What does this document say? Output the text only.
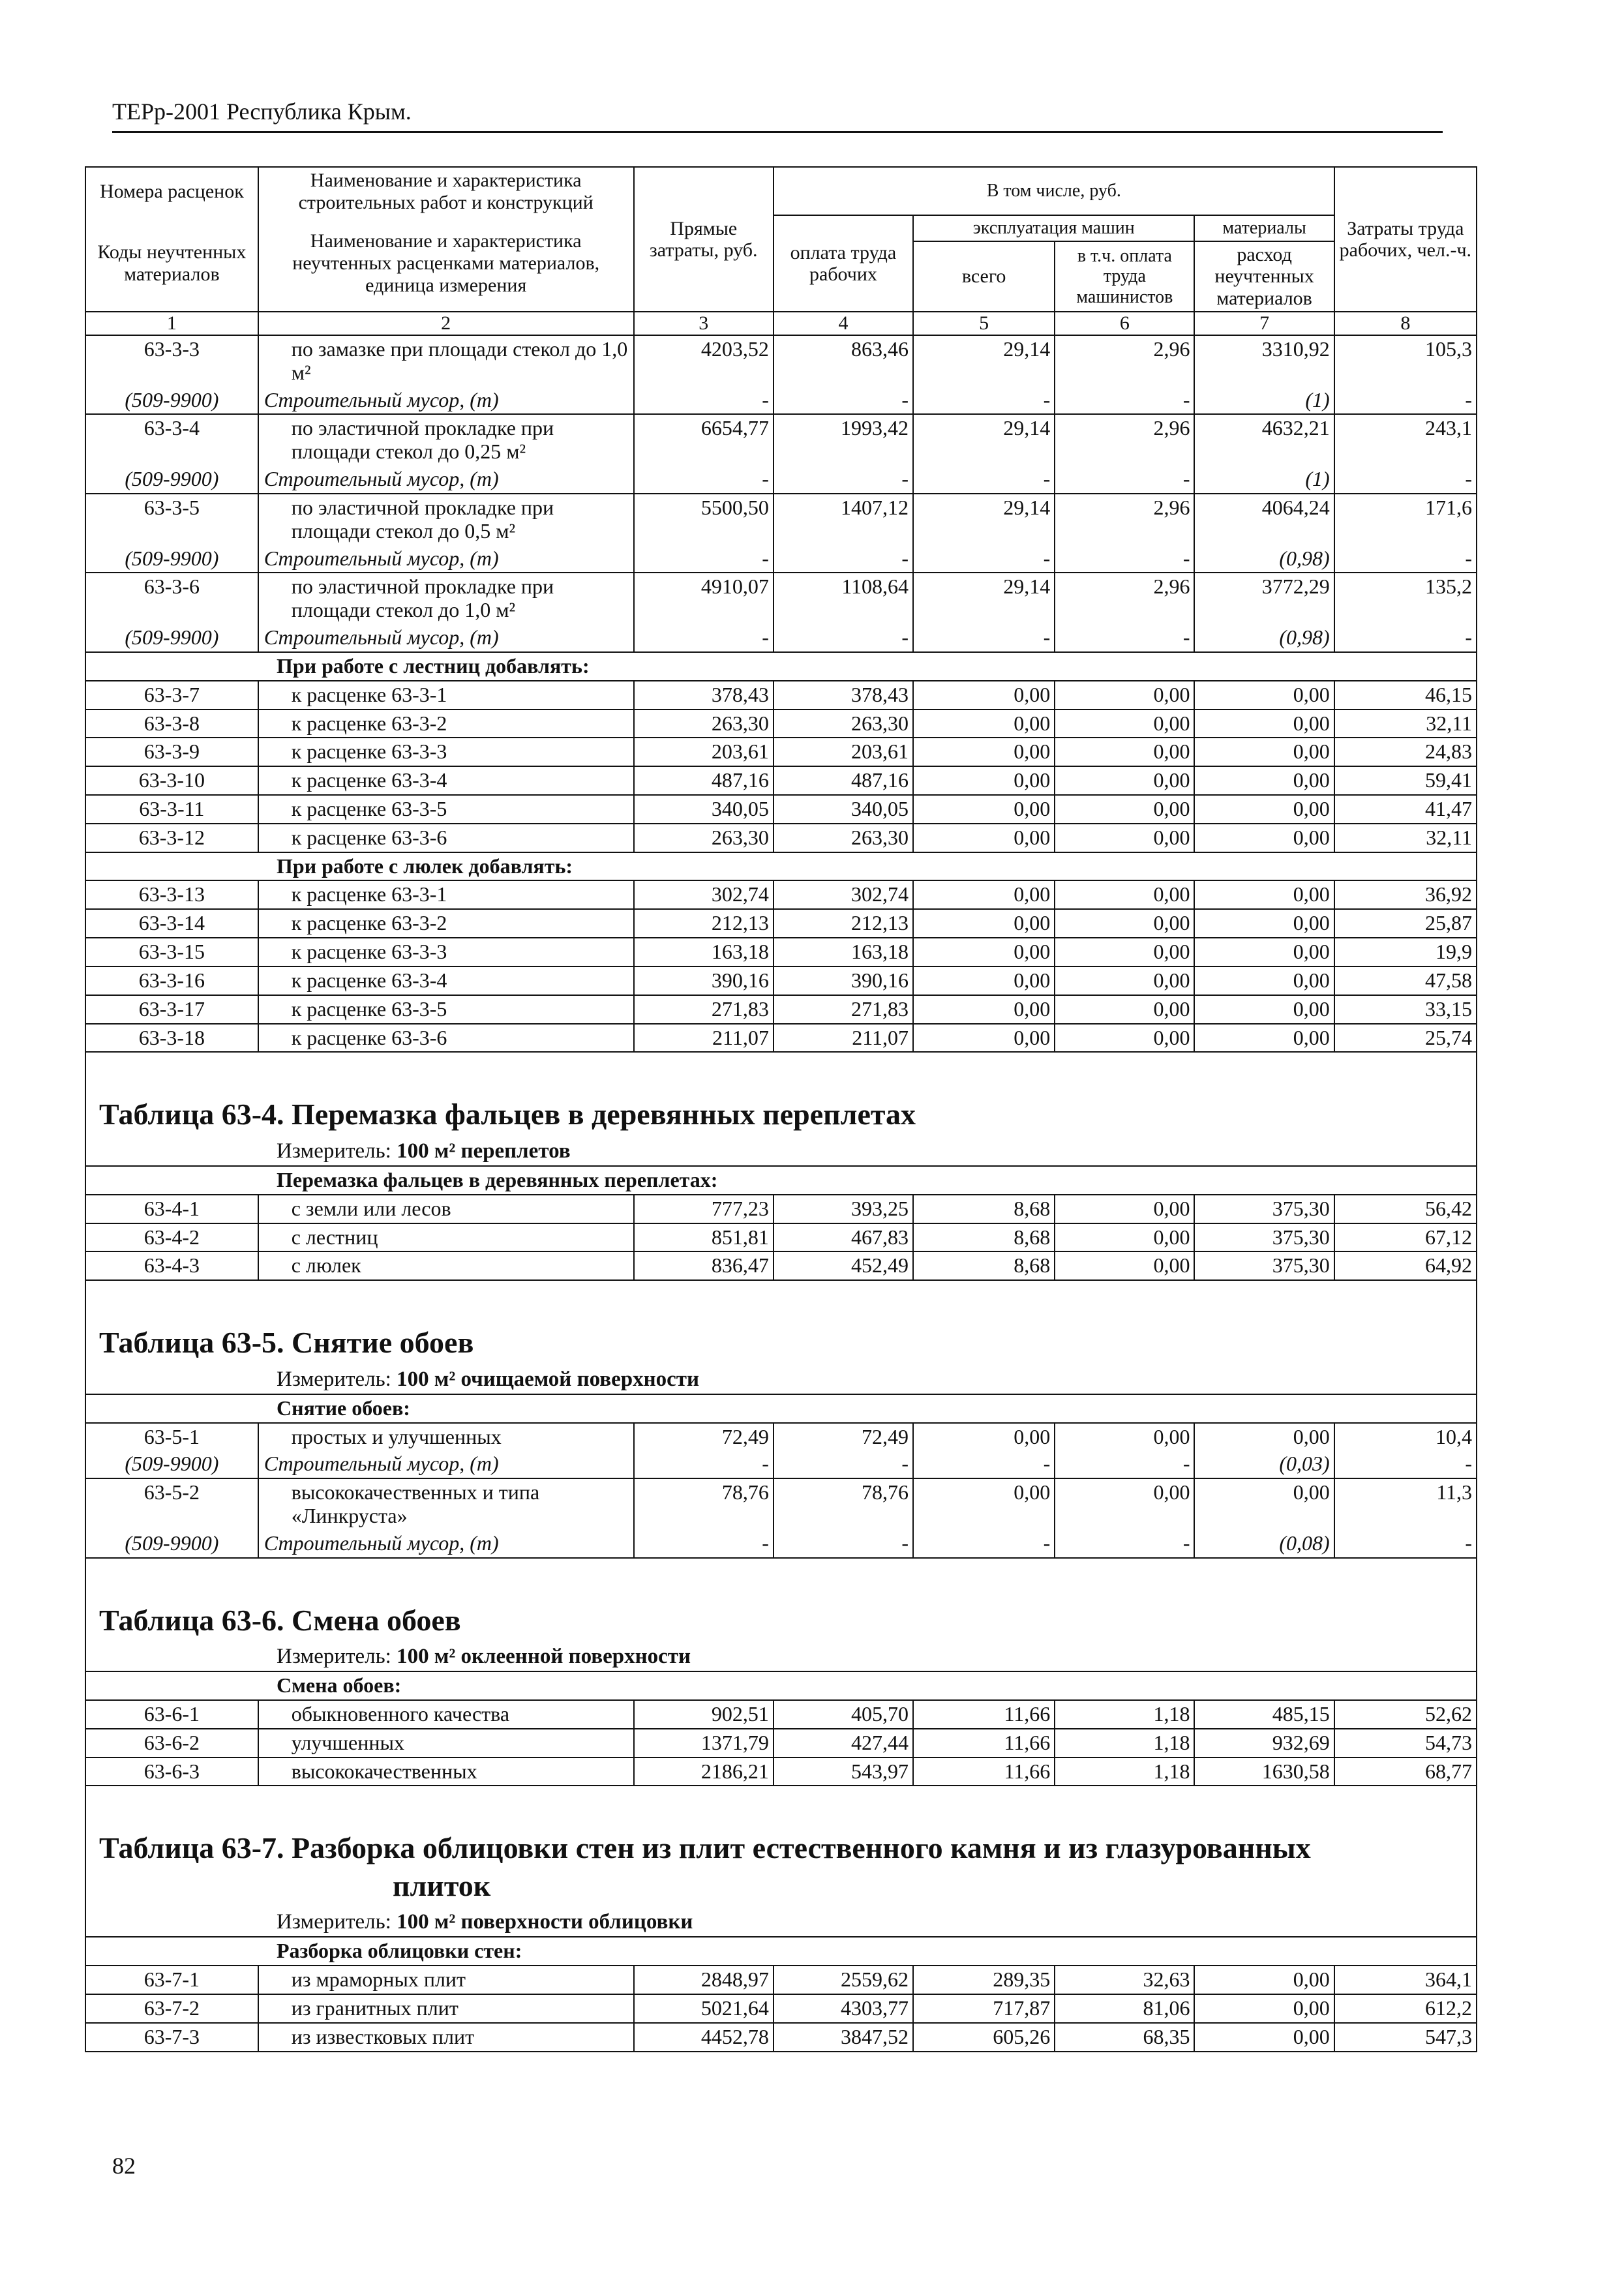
ТЕРр-2001 Республика Крым.
Номера расценок	Наименование и характеристика строительных работ и конструкций	Прямые затраты, руб.	В том числе, руб.				Затраты труда рабочих, чел.-ч.
Коды неучтенных материалов	Наименование и характеристика неучтенных расценками материалов, единица измерения		оплата труда рабочих	эксплуатация машин		материалы	
				всего	в т.ч. оплата труда машинистов	расход неучтенных материалов	

1	2	3	4	5	6	7	8
63-3-3	по замазке при площади стекол до 1,0 м²	4203,52	863,46	29,14	2,96	3310,92	105,3
(509-9900)	Строительный мусор, (т)	-	-	-	-	(1)	-
63-3-4	по эластичной прокладке при площади стекол до 0,25 м²	6654,77	1993,42	29,14	2,96	4632,21	243,1
(509-9900)	Строительный мусор, (т)	-	-	-	-	(1)	-
63-3-5	по эластичной прокладке при площади стекол до 0,5 м²	5500,50	1407,12	29,14	2,96	4064,24	171,6
(509-9900)	Строительный мусор, (т)	-	-	-	-	(0,98)	-
63-3-6	по эластичной прокладке при площади стекол до 1,0 м²	4910,07	1108,64	29,14	2,96	3772,29	135,2
(509-9900)	Строительный мусор, (т)	-	-	-	-	(0,98)	-
При работе с лестниц добавлять:							
63-3-7	к расценке 63-3-1	378,43	378,43	0,00	0,00	0,00	46,15
63-3-8	к расценке 63-3-2	263,30	263,30	0,00	0,00	0,00	32,11
63-3-9	к расценке 63-3-3	203,61	203,61	0,00	0,00	0,00	24,83
63-3-10	к расценке 63-3-4	487,16	487,16	0,00	0,00	0,00	59,41
63-3-11	к расценке 63-3-5	340,05	340,05	0,00	0,00	0,00	41,47
63-3-12	к расценке 63-3-6	263,30	263,30	0,00	0,00	0,00	32,11
При работе с люлек добавлять:							
63-3-13	к расценке 63-3-1	302,74	302,74	0,00	0,00	0,00	36,92
63-3-14	к расценке 63-3-2	212,13	212,13	0,00	0,00	0,00	25,87
63-3-15	к расценке 63-3-3	163,18	163,18	0,00	0,00	0,00	19,9
63-3-16	к расценке 63-3-4	390,16	390,16	0,00	0,00	0,00	47,58
63-3-17	к расценке 63-3-5	271,83	271,83	0,00	0,00	0,00	33,15
63-3-18	к расценке 63-3-6	211,07	211,07	0,00	0,00	0,00	25,74

Таблица 63-4. Перемазка фальцев в деревянных переплетах							
Измеритель: 100 м² переплетов							
Перемазка фальцев в деревянных переплетах:							
63-4-1	с земли или лесов	777,23	393,25	8,68	0,00	375,30	56,42
63-4-2	с лестниц	851,81	467,83	8,68	0,00	375,30	67,12
63-4-3	с люлек	836,47	452,49	8,68	0,00	375,30	64,92

Таблица 63-5. Снятие обоев							
Измеритель: 100 м² очищаемой поверхности							
Снятие обоев:							
63-5-1	простых и улучшенных	72,49	72,49	0,00	0,00	0,00	10,4
(509-9900)	Строительный мусор, (т)	-	-	-	-	(0,03)	-
63-5-2	высококачественных и типа «Линкруста»	78,76	78,76	0,00	0,00	0,00	11,3
(509-9900)	Строительный мусор, (т)	-	-	-	-	(0,08)	-

Таблица 63-6. Смена обоев							
Измеритель: 100 м² оклеенной поверхности							
Смена обоев:							
63-6-1	обыкновенного качества	902,51	405,70	11,66	1,18	485,15	52,62
63-6-2	улучшенных	1371,79	427,44	11,66	1,18	932,69	54,73
63-6-3	высококачественных	2186,21	543,97	11,66	1,18	1630,58	68,77

Таблица 63-7. Разборка облицовки стен из плит естественного камня и из глазурованных
плиток							

Измеритель: 100 м² поверхности облицовки							
Разборка облицовки стен:							
63-7-1	из мраморных плит	2848,97	2559,62	289,35	32,63	0,00	364,1
63-7-2	из гранитных плит	5021,64	4303,77	717,87	81,06	0,00	612,2
63-7-3	из известковых плит	4452,78	3847,52	605,26	68,35	0,00	547,3
82
